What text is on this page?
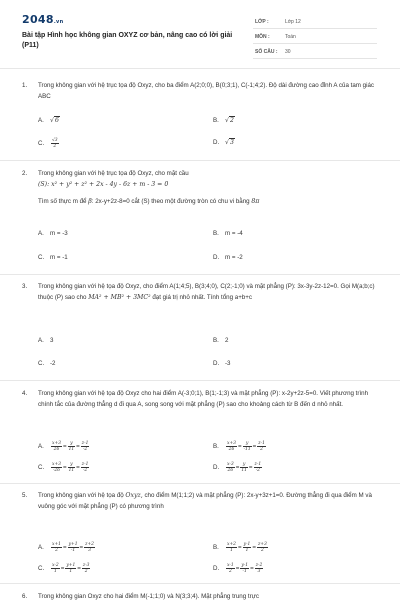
2048.vn
Bài tập Hình học không gian OXYZ cơ bản, nâng cao có lời giải (P11)
LỚP :	Lớp 12
MÔN :	Toán
SỐ CÂU : 30
1. Trong không gian với hệ trục tọa độ Oxyz, cho ba điểm A(2;0;0), B(0;3;1), C(-1;4;2). Độ dài đường cao đỉnh A của tam giác ABC
A. √6	B. √2
C. $\frac{√3}{2}$	D. √3
2. Trong không gian với hệ trục tọa độ Oxyz, cho mặt cầu

(S): x² + y² + z² + 2x - 4y - 6z + m - 3 = 0

Tìm số thực m để β: 2x-y+2z-8=0 cắt (S) theo một đường tròn có chu vi bằng 8π

A. m = -3	B. m = -4
C. m = -1	D. m = -2
3. Trong không gian với hệ tọa độ Oxyz, cho điểm A(1;4;5), B(3;4;0), C(2;-1;0) và mặt phẳng (P): 3x-3y-2z-12=0. Gọi M(a;b;c) thuộc (P) sao cho MA² + MB² + 3MC² đạt giá trị nhỏ nhất. Tính tổng a+b+c
A. 3	B. 2
C. -2	D. -3
4. Trong không gian với hệ tọa độ Oxyz cho hai điểm A(-3;0;1), B(1;-1;3) và mặt phẳng (P): x-2y+2z-5=0. Viết phương trình chính tắc của đường thẳng d đi qua A, song song với mặt phẳng (P) sao cho khoảng cách từ B đến d nhỏ nhất.
A. $\frac{x+3}{26} = \frac{y}{11} = \frac{z-1}{-2}$	B. $\frac{x+3}{26} = \frac{y}{-11} = \frac{z-1}{2}$
C. $\frac{x+3}{-26} = \frac{y}{11} = \frac{z-1}{-2}$	D. $\frac{x-3}{26} = \frac{y}{11} = \frac{z-1}{-2}$
5. Trong không gian với hệ tọa độ Oxyz, cho điểm M(1;1;2) và mặt phẳng (P): 2x-y+3z+1=0. Đường thẳng đi qua điểm M và vuông góc với mặt phẳng (P) có phương trình
A. $\frac{x+1}{2} = \frac{y+1}{-1} = \frac{z+2}{3}$	B. $\frac{x+2}{1} = \frac{y-1}{1} = \frac{z+3}{2}$
C. $\frac{x-2}{1} = \frac{y+1}{1} = \frac{z-3}{2}$	D. $\frac{x-1}{2} = \frac{y-1}{-1} = \frac{z-2}{3}$
6. Trong không gian Oxyz cho hai điểm M(-1;1;0) và N(3;3;4). Mặt phẳng trung trực
